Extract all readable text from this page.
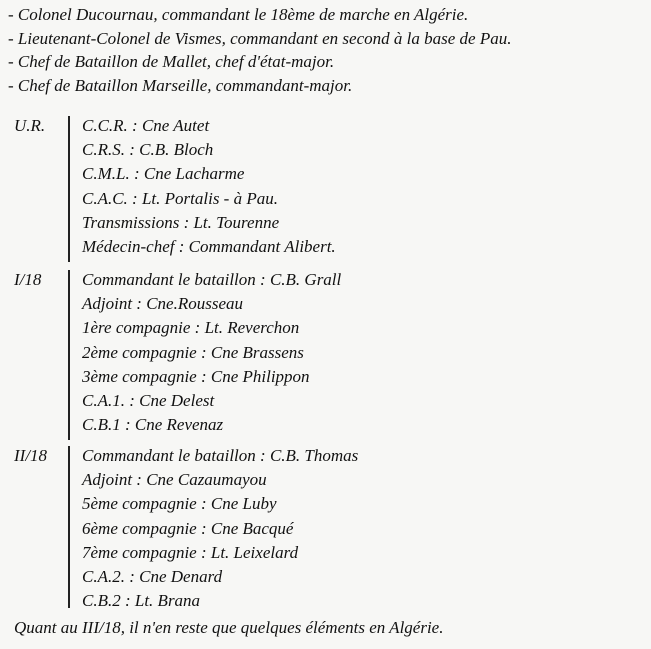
- Colonel Ducournau, commandant le 18ème de marche en Algérie.
- Lieutenant-Colonel de Vismes, commandant en second à la base de Pau.
- Chef de Bataillon de Mallet, chef d'état-major.
- Chef de Bataillon Marseille, commandant-major.
U.R. C.C.R. : Cne Autet
C.R.S. : C.B. Bloch
C.M.L. : Cne Lacharme
C.A.C. : Lt. Portalis - à Pau.
Transmissions : Lt. Tourenne
Médecin-chef : Commandant Alibert.
I/18 Commandant le bataillon : C.B. Grall
Adjoint : Cne.Rousseau
1ère compagnie : Lt. Reverchon
2ème compagnie : Cne Brassens
3ème compagnie : Cne Philippon
C.A.1. : Cne Delest
C.B.1 : Cne Revenaz
II/18 Commandant le bataillon : C.B. Thomas
Adjoint : Cne Cazaumayou
5ème compagnie : Cne Luby
6ème compagnie : Cne Bacqué
7ème compagnie : Lt. Leixelard
C.A.2. : Cne Denard
C.B.2 : Lt. Brana
Quant au III/18, il n'en reste que quelques éléments en Algérie.
